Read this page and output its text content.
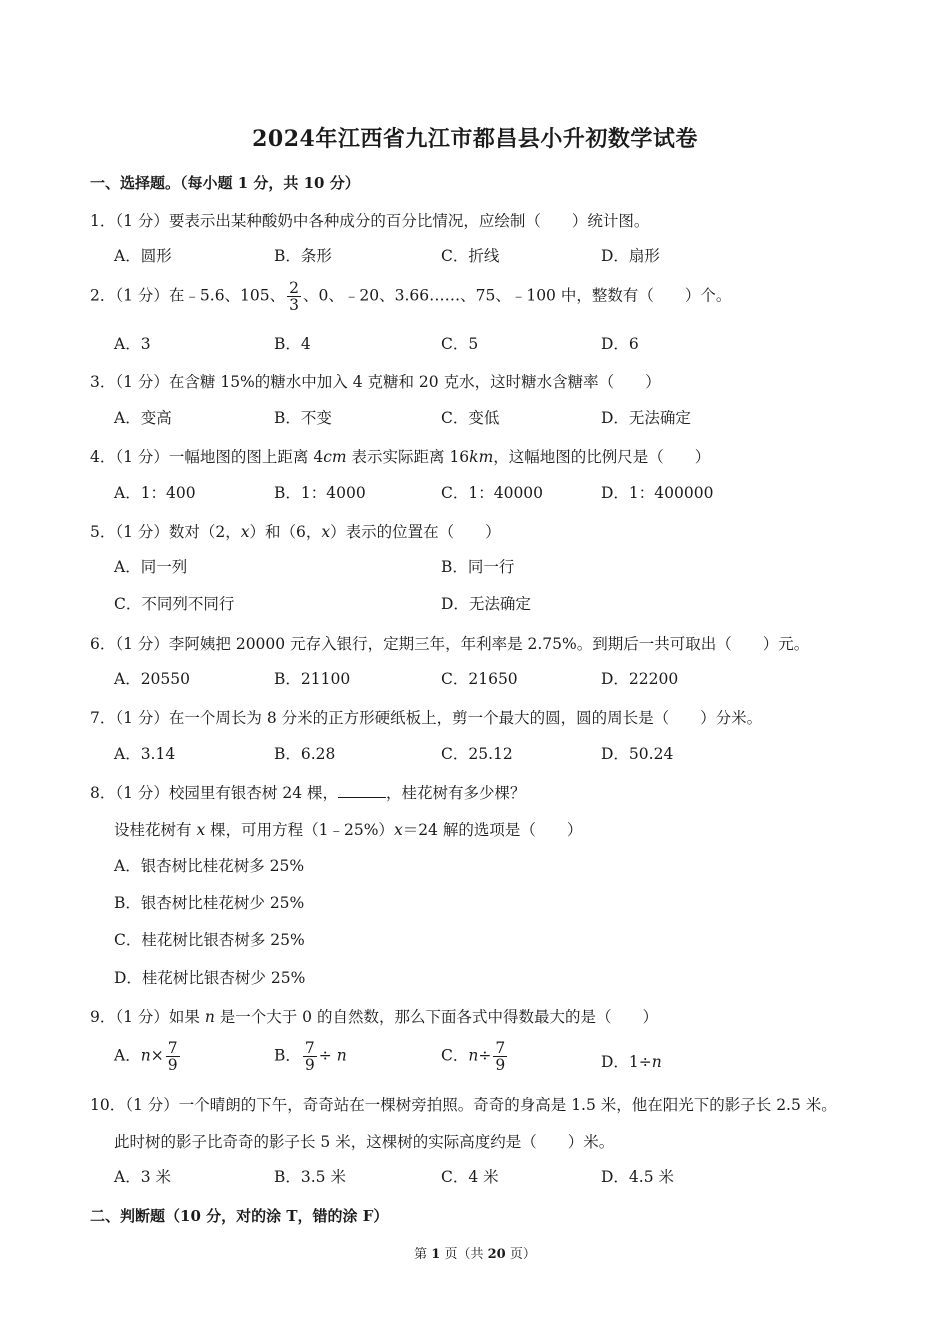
2024年江西省九江市都昌县小升初数学试卷
一、选择题。（每小题 1 分，共 10 分）
1．（1 分）要表示出某种酸奶中各种成分的百分比情况，应绘制（　　）统计图。
A．圆形	B．条形	C．折线	D．扇形
2．（1 分）在﹣5.6、105、 $\frac{2}{3}$ 、0、﹣20、3.66……、75、﹣100 中，整数有（　　）个。
A．3	B．4	C．5	D．6
3．（1 分）在含糖 15%的糖水中加入 4 克糖和 20 克水，这时糖水含糖率（　　）
A．变高	B．不变	C．变低	D．无法确定
4．（1 分）一幅地图的图上距离 4cm 表示实际距离 16km，这幅地图的比例尺是（　　）
A．1：400	B．1：4000	C．1：40000	D．1：400000
5．（1 分）数对（2，x）和（6，x）表示的位置在（　　）
A．同一列	B．同一行
C．不同列不同行	D．无法确定
6．（1 分）李阿姨把 20000 元存入银行，定期三年，年利率是 2.75%。到期后一共可取出（　　）元。
A．20550	B．21100	C．21650	D．22200
7．（1 分）在一个周长为 8 分米的正方形硬纸板上，剪一个最大的圆，圆的周长是（　　）分米。
A．3.14	B．6.28	C．25.12	D．50.24
8．（1 分）校园里有银杏树 24 棵，	，桂花树有多少棵？
设桂花树有 x 棵，可用方程（1﹣25%）x＝24 解的选项是（　　）
A．银杏树比桂花树多 25%
B．银杏树比桂花树少 25%
C．桂花树比银杏树多 25%
D．桂花树比银杏树少 25%
9．（1 分）如果 n 是一个大于 0 的自然数，那么下面各式中得数最大的是（　　）
A．$n\times \frac{7}{9}$	B． $\frac{7}{9} \div n$	C．$n\div \frac{7}{9}$	D．1÷n
10．（1 分）一个晴朗的下午，奇奇站在一棵树旁拍照。奇奇的身高是 1.5 米，他在阳光下的影子长 2.5 米。
此时树的影子比奇奇的影子长 5 米，这棵树的实际高度约是（　　）米。
A．3 米	B．3.5 米	C．4 米	D．4.5 米
二、判断题（10 分，对的涂 T，错的涂 F）
第 1 页（共 20 页）
